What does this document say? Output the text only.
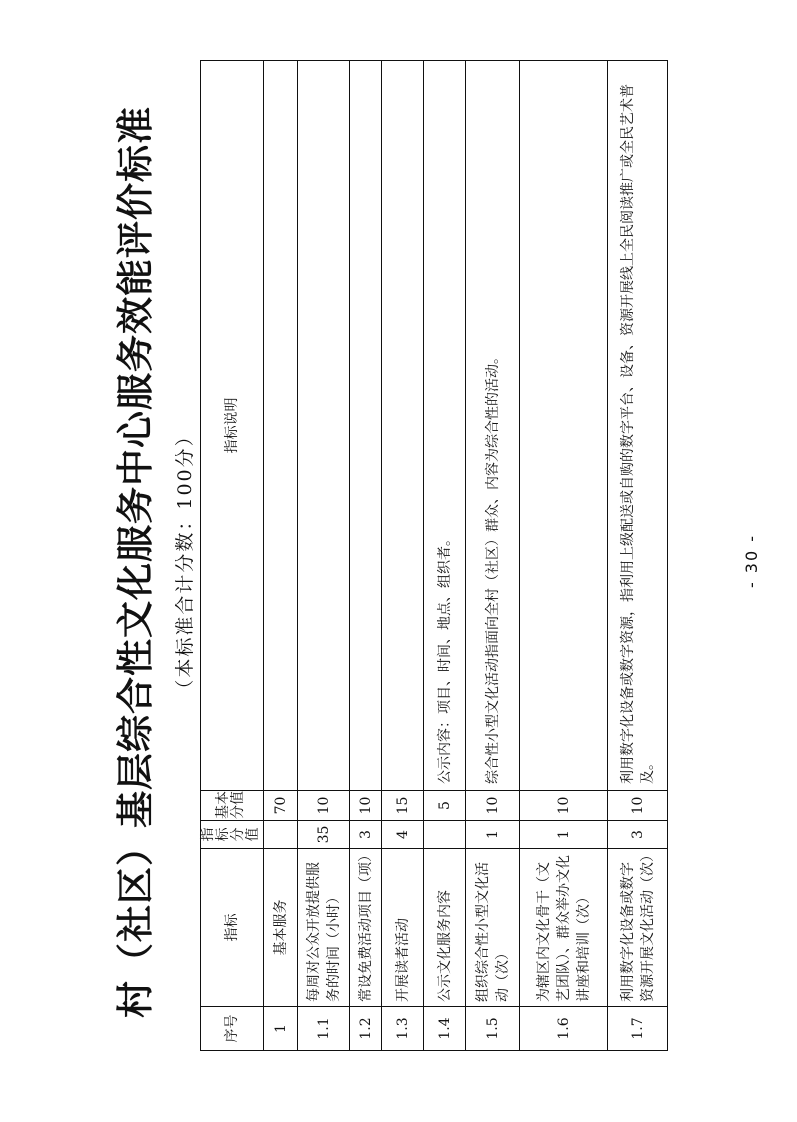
村（社区）基层综合性文化服务中心服务效能评价标准 （本标准合计分数：100分）
序号	指标	指标分值	基本分值	指标说明
1	基本服务		70	
1.1	每周对公众开放提供服务的时间（小时）	35	10	
1.2	常设免费活动项目（项）	3	10	
1.3	开展读者活动	4	15	
1.4	公示文化服务内容		5	公示内容：项目、时间、地点、组织者。
1.5	组织综合性小型文化活动（次）	1	10	综合性小型文化活动指面向全村（社区）群众、内容为综合性的活动。
1.6	为辖区内文化骨干（文艺团队）、群众举办文化讲座和培训（次）	1	10	
1.7	利用数字化设备或数字资源开展文化活动（次）	3	10	利用数字化设备或数字资源，指利用上级配送或自购的数字平台、设备、资源开展线上全民阅读推广或全民艺术普及。
- 30 -
